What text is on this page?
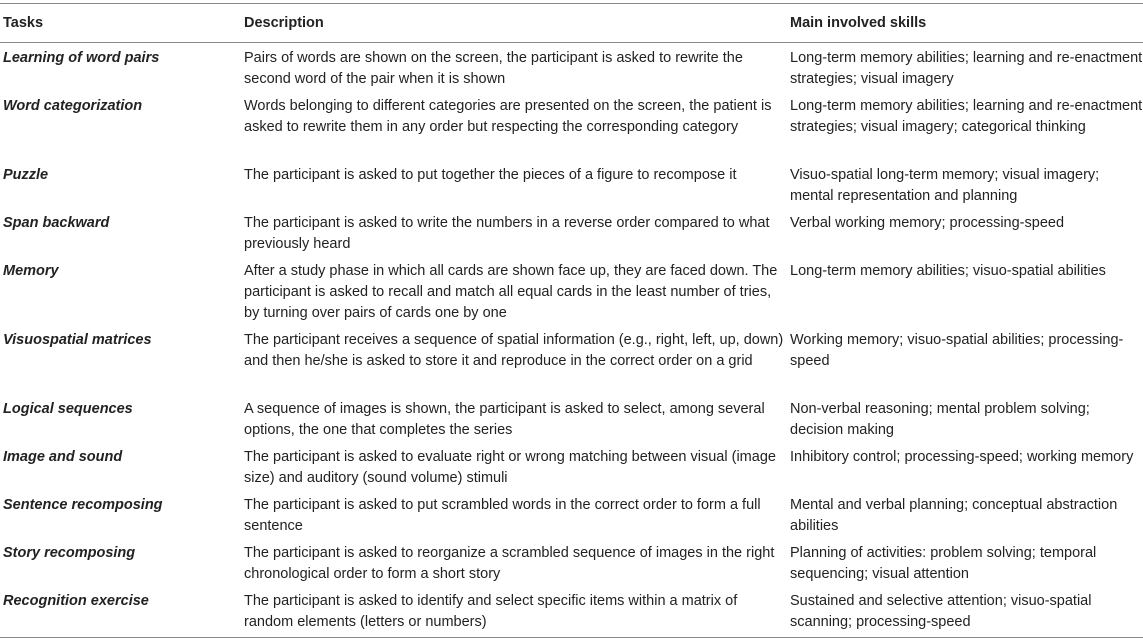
Tasks	Description	Main involved skills
Learning of word pairs	Pairs of words are shown on the screen, the participant is asked to rewrite the second word of the pair when it is shown	Long-term memory abilities; learning and re-enactment strategies; visual imagery
Word categorization	Words belonging to different categories are presented on the screen, the patient is asked to rewrite them in any order but respecting the corresponding category	Long-term memory abilities; learning and re-enactment strategies; visual imagery; categorical thinking
Puzzle	The participant is asked to put together the pieces of a figure to recompose it	Visuo-spatial long-term memory; visual imagery; mental representation and planning
Span backward	The participant is asked to write the numbers in a reverse order compared to what previously heard	Verbal working memory; processing-speed
Memory	After a study phase in which all cards are shown face up, they are faced down. The participant is asked to recall and match all equal cards in the least number of tries, by turning over pairs of cards one by one	Long-term memory abilities; visuo-spatial abilities
Visuospatial matrices	The participant receives a sequence of spatial information (e.g., right, left, up, down) and then he/she is asked to store it and reproduce in the correct order on a grid	Working memory; visuo-spatial abilities; processing-speed
Logical sequences	A sequence of images is shown, the participant is asked to select, among several options, the one that completes the series	Non-verbal reasoning; mental problem solving; decision making
Image and sound	The participant is asked to evaluate right or wrong matching between visual (image size) and auditory (sound volume) stimuli	Inhibitory control; processing-speed; working memory
Sentence recomposing	The participant is asked to put scrambled words in the correct order to form a full sentence	Mental and verbal planning; conceptual abstraction abilities
Story recomposing	The participant is asked to reorganize a scrambled sequence of images in the right chronological order to form a short story	Planning of activities: problem solving; temporal sequencing; visual attention
Recognition exercise	The participant is asked to identify and select specific items within a matrix of random elements (letters or numbers)	Sustained and selective attention; visuo-spatial scanning; processing-speed
